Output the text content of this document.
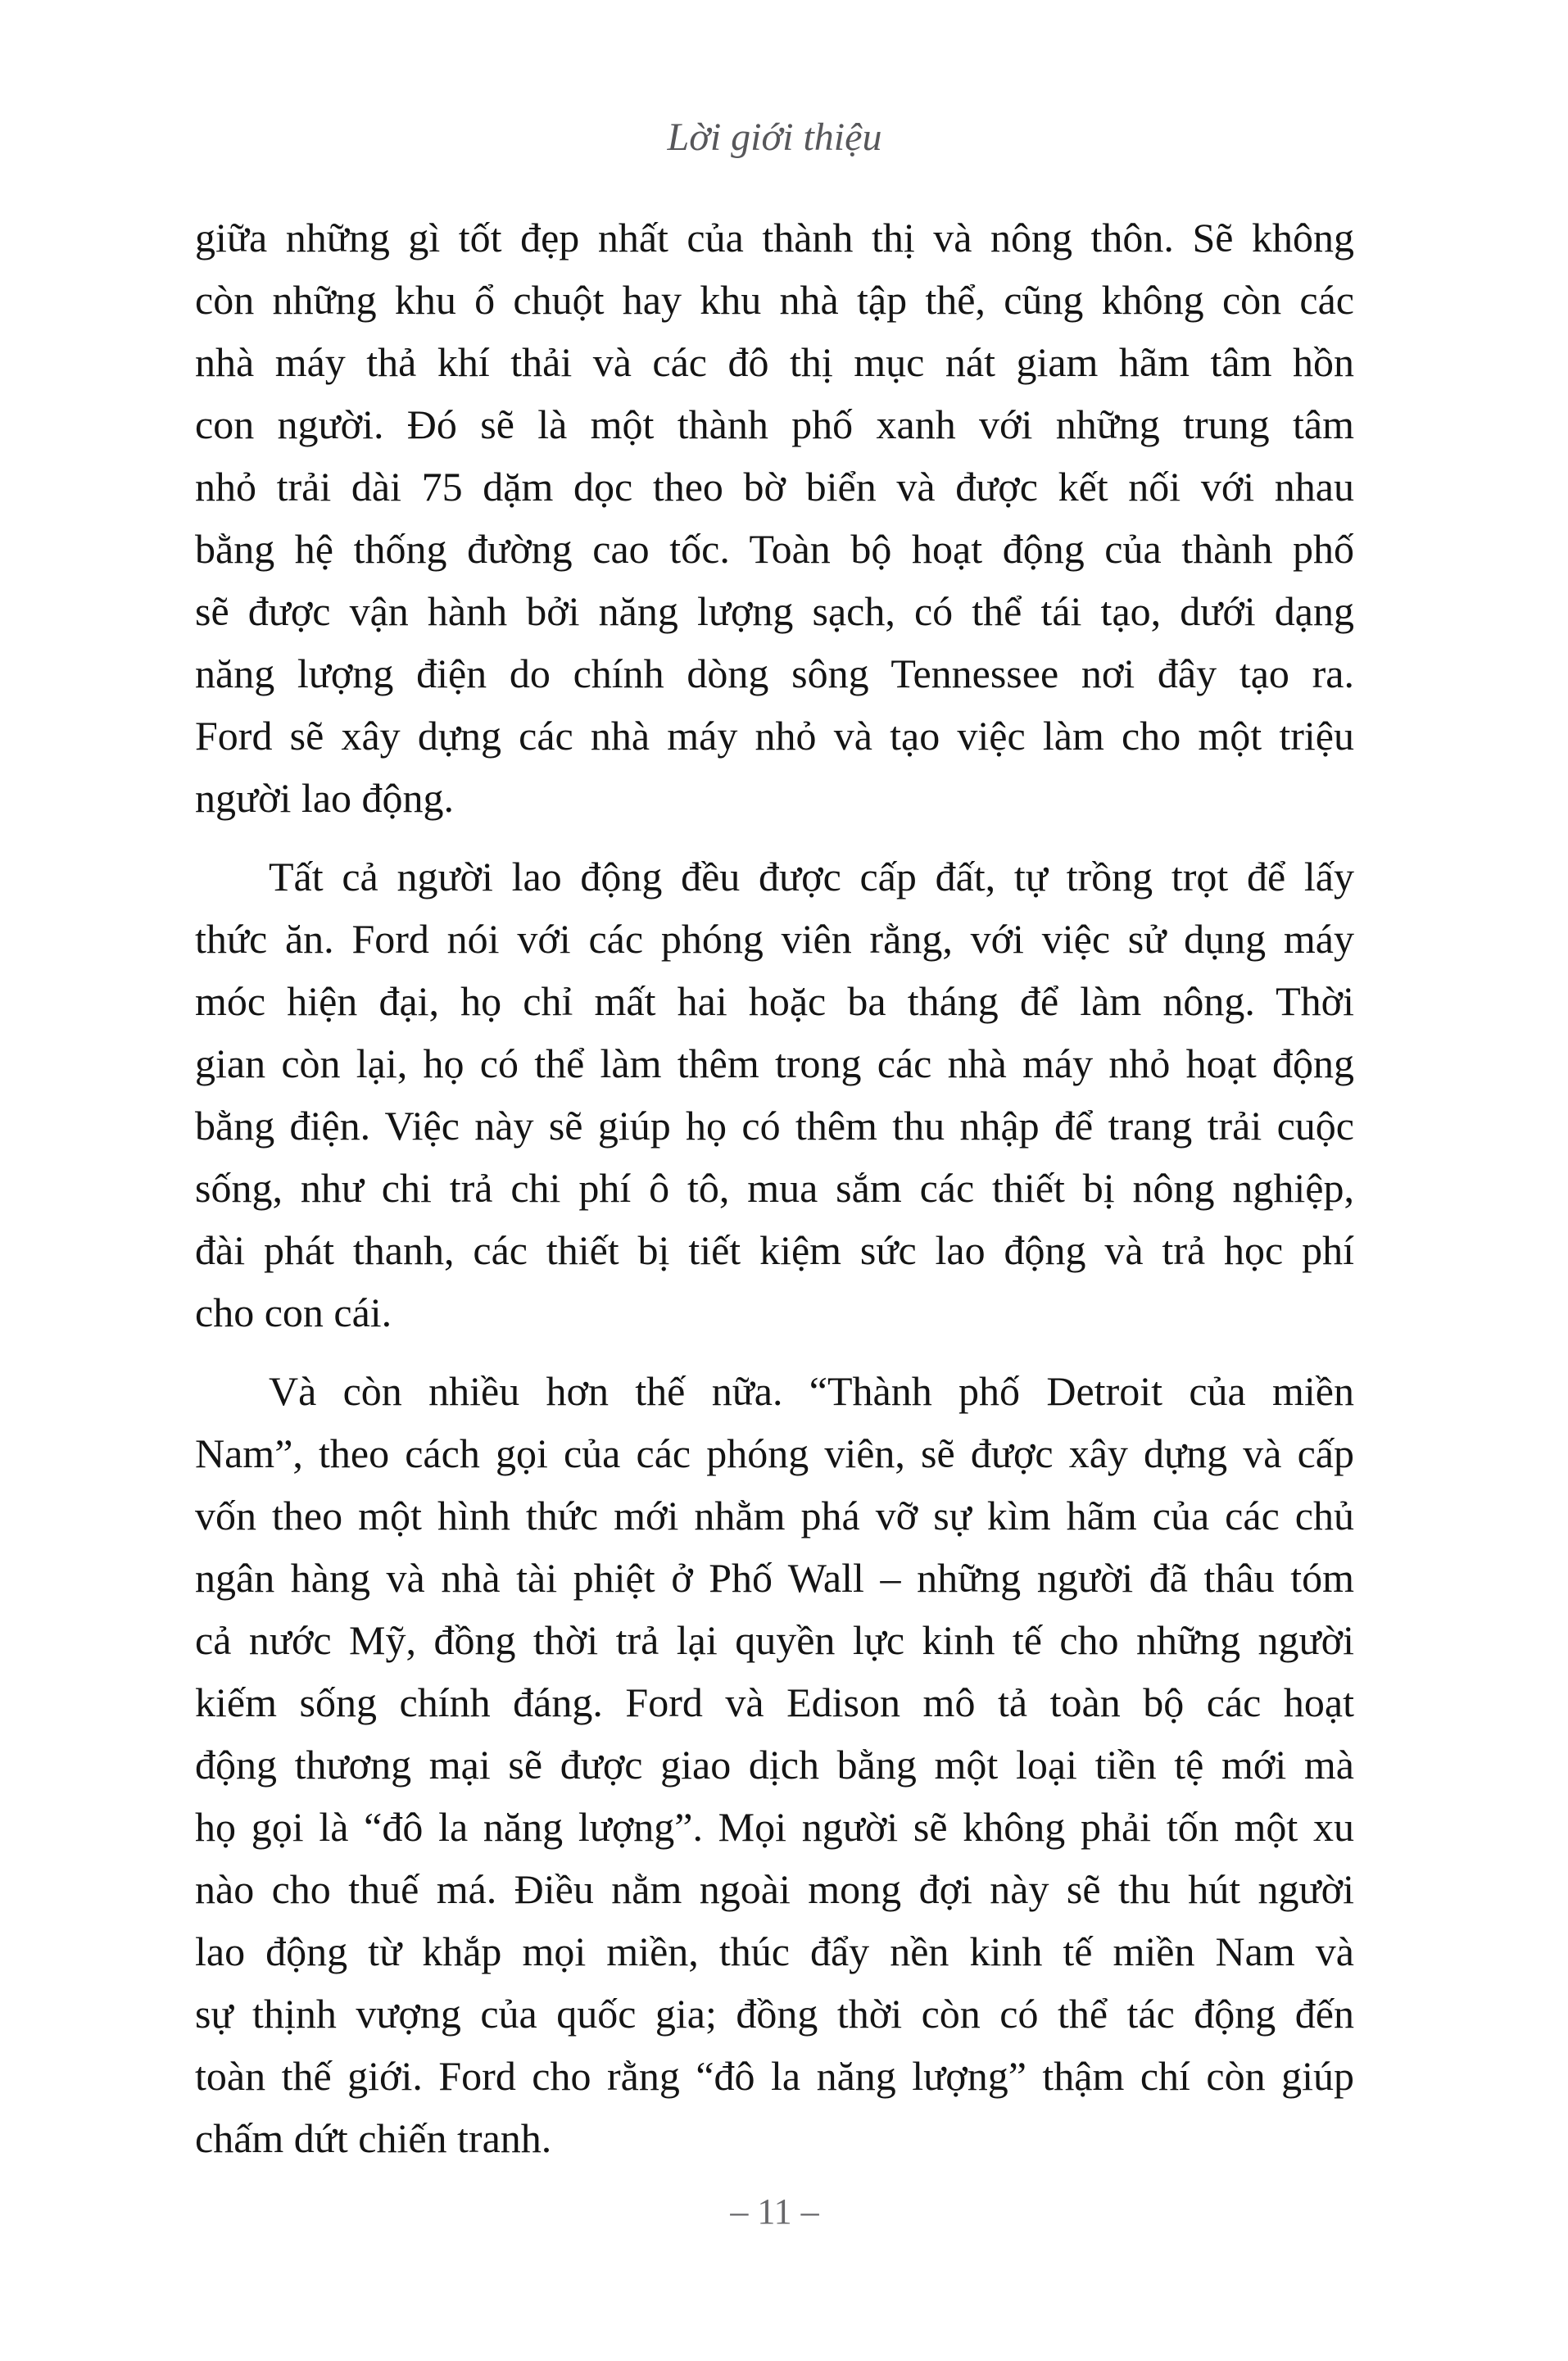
Lời giới thiệu

giữa những gì tốt đẹp nhất của thành thị và nông thôn. Sẽ không
còn những khu ổ chuột hay khu nhà tập thể, cũng không còn các
nhà máy thả khí thải và các đô thị mục nát giam hãm tâm hồn
con người. Đó sẽ là một thành phố xanh với những trung tâm
nhỏ trải dài 75 dặm dọc theo bờ biển và được kết nối với nhau
bằng hệ thống đường cao tốc. Toàn bộ hoạt động của thành phố
sẽ được vận hành bởi năng lượng sạch, có thể tái tạo, dưới dạng
năng lượng điện do chính dòng sông Tennessee nơi đây tạo ra.
Ford sẽ xây dựng các nhà máy nhỏ và tạo việc làm cho một triệu
người lao động.

Tất cả người lao động đều được cấp đất, tự trồng trọt để lấy
thức ăn. Ford nói với các phóng viên rằng, với việc sử dụng máy
móc hiện đại, họ chỉ mất hai hoặc ba tháng để làm nông. Thời
gian còn lại, họ có thể làm thêm trong các nhà máy nhỏ hoạt động
bằng điện. Việc này sẽ giúp họ có thêm thu nhập để trang trải cuộc
sống, như chi trả chi phí ô tô, mua sắm các thiết bị nông nghiệp,
đài phát thanh, các thiết bị tiết kiệm sức lao động và trả học phí
cho con cái.

Và còn nhiều hơn thế nữa. “Thành phố Detroit của miền
Nam”, theo cách gọi của các phóng viên, sẽ được xây dựng và cấp
vốn theo một hình thức mới nhằm phá vỡ sự kìm hãm của các chủ
ngân hàng và nhà tài phiệt ở Phố Wall – những người đã thâu tóm
cả nước Mỹ, đồng thời trả lại quyền lực kinh tế cho những người
kiếm sống chính đáng. Ford và Edison mô tả toàn bộ các hoạt
động thương mại sẽ được giao dịch bằng một loại tiền tệ mới mà
họ gọi là “đô la năng lượng”. Mọi người sẽ không phải tốn một xu
nào cho thuế má. Điều nằm ngoài mong đợi này sẽ thu hút người
lao động từ khắp mọi miền, thúc đẩy nền kinh tế miền Nam và
sự thịnh vượng của quốc gia; đồng thời còn có thể tác động đến
toàn thế giới. Ford cho rằng “đô la năng lượng” thậm chí còn giúp
chấm dứt chiến tranh.

– 11 –
